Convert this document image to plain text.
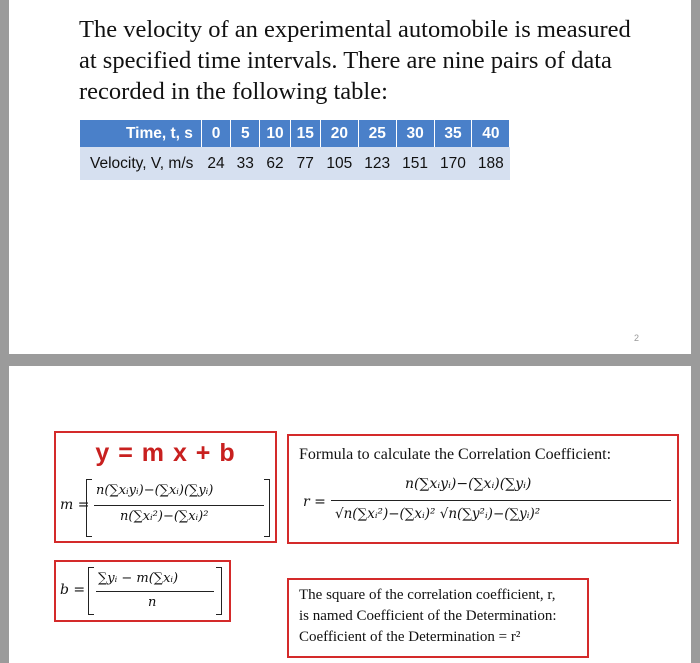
The velocity of an experimental automobile is measured at specified time intervals. There are nine pairs of data recorded in the following table:

Time, t, s	0	5	10	15	20	25	30	35	40
Velocity, V, m/s	24	33	62	77	105	123	151	170	188
2
y = m x + b
m =
n(∑xᵢyᵢ)−(∑xᵢ)(∑yᵢ)
n(∑xᵢ²)−(∑xᵢ)²
b =
∑yᵢ − m(∑xᵢ)
n
Formula to calculate the Correlation Coefficient:
r =
n(∑xᵢyᵢ)−(∑xᵢ)(∑yᵢ)
√n(∑xᵢ²)−(∑xᵢ)² √n(∑y²ᵢ)−(∑yᵢ)²
The square of the correlation coefficient, r,
is named Coefficient of the Determination:
Coefficient of the Determination = r²
